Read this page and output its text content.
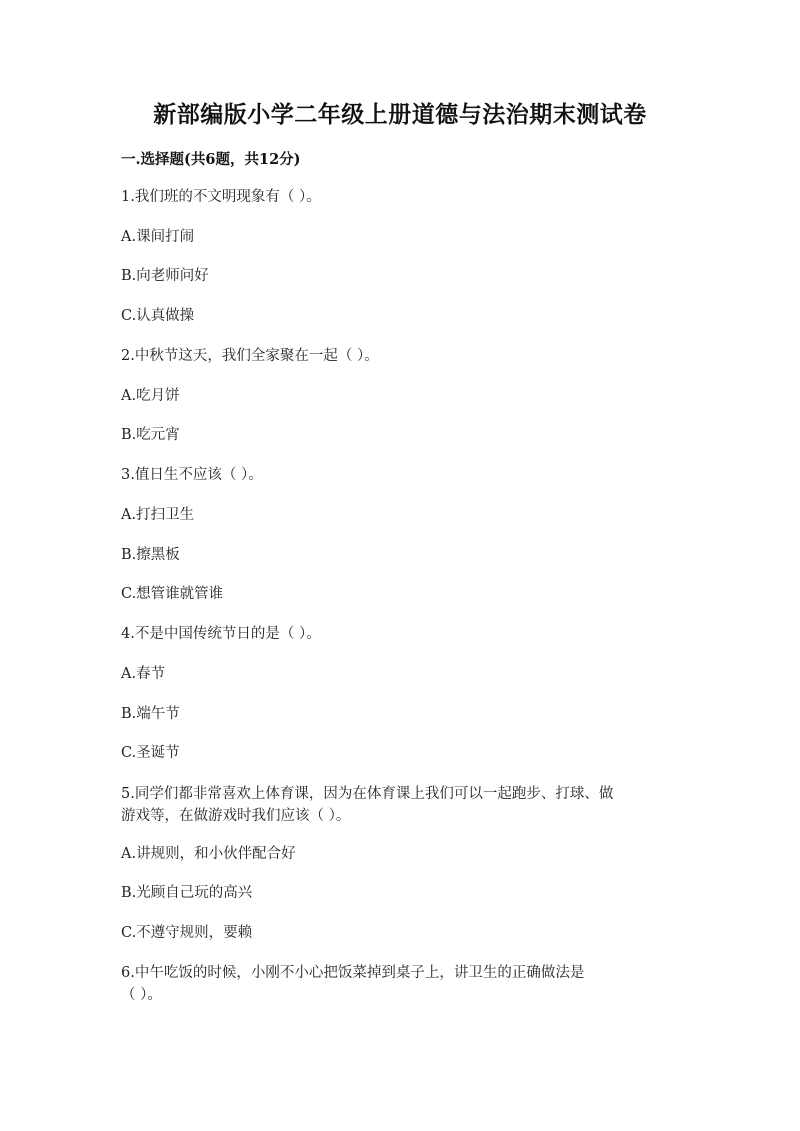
新部编版小学二年级上册道德与法治期末测试卷
一.选择题(共6题，共12分)
1.我们班的不文明现象有（ ）。
A.课间打闹
B.向老师问好
C.认真做操
2.中秋节这天，我们全家聚在一起（ ）。
A.吃月饼
B.吃元宵
3.值日生不应该（ ）。
A.打扫卫生
B.擦黑板
C.想管谁就管谁
4.不是中国传统节日的是（ ）。
A.春节
B.端午节
C.圣诞节
5.同学们都非常喜欢上体育课，因为在体育课上我们可以一起跑步、打球、做
游戏等，在做游戏时我们应该（ ）。
A.讲规则，和小伙伴配合好
B.光顾自己玩的高兴
C.不遵守规则，要赖
6.中午吃饭的时候，小刚不小心把饭菜掉到桌子上，讲卫生的正确做法是
（ ）。
